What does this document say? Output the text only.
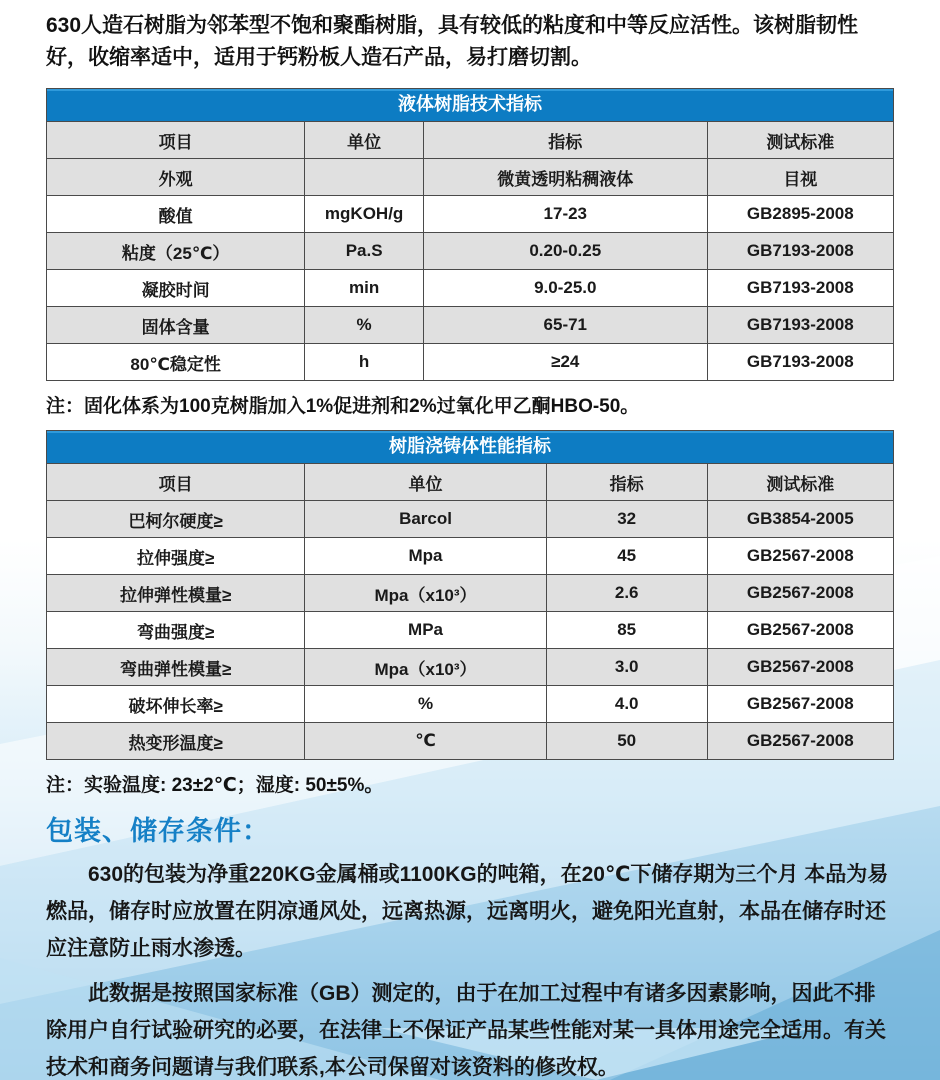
630人造石树脂为邻苯型不饱和聚酯树脂，具有较低的粘度和中等反应活性。该树脂韧性好，收缩率适中，适用于钙粉板人造石产品，易打磨切割。

液体树脂技术指标
项目	单位	指标	测试标准
外观		微黄透明粘稠液体	目视
酸值	mgKOH/g	17-23	GB2895-2008
粘度（25℃）	Pa.S	0.20-0.25	GB7193-2008
凝胶时间	min	9.0-25.0	GB7193-2008
固体含量	%	65-71	GB7193-2008
80℃稳定性	h	≥24	GB7193-2008

注：固化体系为100克树脂加入1%促进剂和2%过氧化甲乙酮HBO-50。

树脂浇铸体性能指标
项目	单位	指标	测试标准
巴柯尔硬度≥	Barcol	32	GB3854-2005
拉伸强度≥	Mpa	45	GB2567-2008
拉伸弹性模量≥	Mpa（x10³）	2.6	GB2567-2008
弯曲强度≥	MPa	85	GB2567-2008
弯曲弹性模量≥	Mpa（x10³）	3.0	GB2567-2008
破坏伸长率≥	%	4.0	GB2567-2008
热变形温度≥	℃	50	GB2567-2008

注：实验温度: 23±2℃；湿度: 50±5%。

包装、储存条件：

630的包装为净重220KG金属桶或1100KG的吨箱，在20℃下储存期为三个月 本品为易燃品，储存时应放置在阴凉通风处，远离热源，远离明火，避免阳光直射，本品在储存时还应注意防止雨水渗透。

此数据是按照国家标准（GB）测定的，由于在加工过程中有诸多因素影响，因此不排除用户自行试验研究的必要，在法律上不保证产品某些性能对某一具体用途完全适用。有关技术和商务问题请与我们联系,本公司保留对该资料的修改权。
